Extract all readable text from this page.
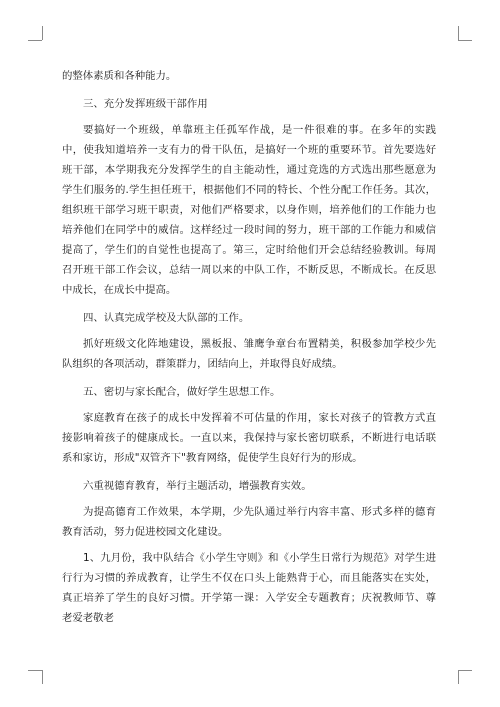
的整体素质和各种能力。

三、充分发挥班级干部作用

要搞好一个班级，单靠班主任孤军作战，是一件很难的事。在多年的实践中，使我知道培养一支有力的骨干队伍，是搞好一个班的重要环节。首先要选好班干部，本学期我充分发挥学生的自主能动性，通过竞选的方式选出那些愿意为学生们服务的.学生担任班干，根据他们不同的特长、个性分配工作任务。其次，组织班干部学习班干职责，对他们严格要求，以身作则，培养他们的工作能力也培养他们在同学中的威信。这样经过一段时间的努力，班干部的工作能力和威信提高了，学生们的自觉性也提高了。第三，定时给他们开会总结经验教训。每周召开班干部工作会议，总结一周以来的中队工作，不断反思，不断成长。在反思中成长，在成长中提高。

四、认真完成学校及大队部的工作。

抓好班级文化阵地建设，黑板报、雏鹰争章台布置精美，积极参加学校少先队组织的各项活动，群策群力，团结向上，并取得良好成绩。

五、密切与家长配合，做好学生思想工作。

家庭教育在孩子的成长中发挥着不可估量的作用，家长对孩子的管教方式直接影响着孩子的健康成长。一直以来，我保持与家长密切联系，不断进行电话联系和家访，形成"双管齐下"教育网络，促使学生良好行为的形成。

六重视德育教育，举行主题活动，增强教育实效。

为提高德育工作效果，本学期，少先队通过举行内容丰富、形式多样的德育教育活动，努力促进校园文化建设。

1、九月份，我中队结合《小学生守则》和《小学生日常行为规范》对学生进行行为习惯的养成教育，让学生不仅在口头上能熟背于心，而且能落实在实处，真正培养了学生的良好习惯。开学第一课：入学安全专题教育；庆祝教师节、尊老爱老敬老
